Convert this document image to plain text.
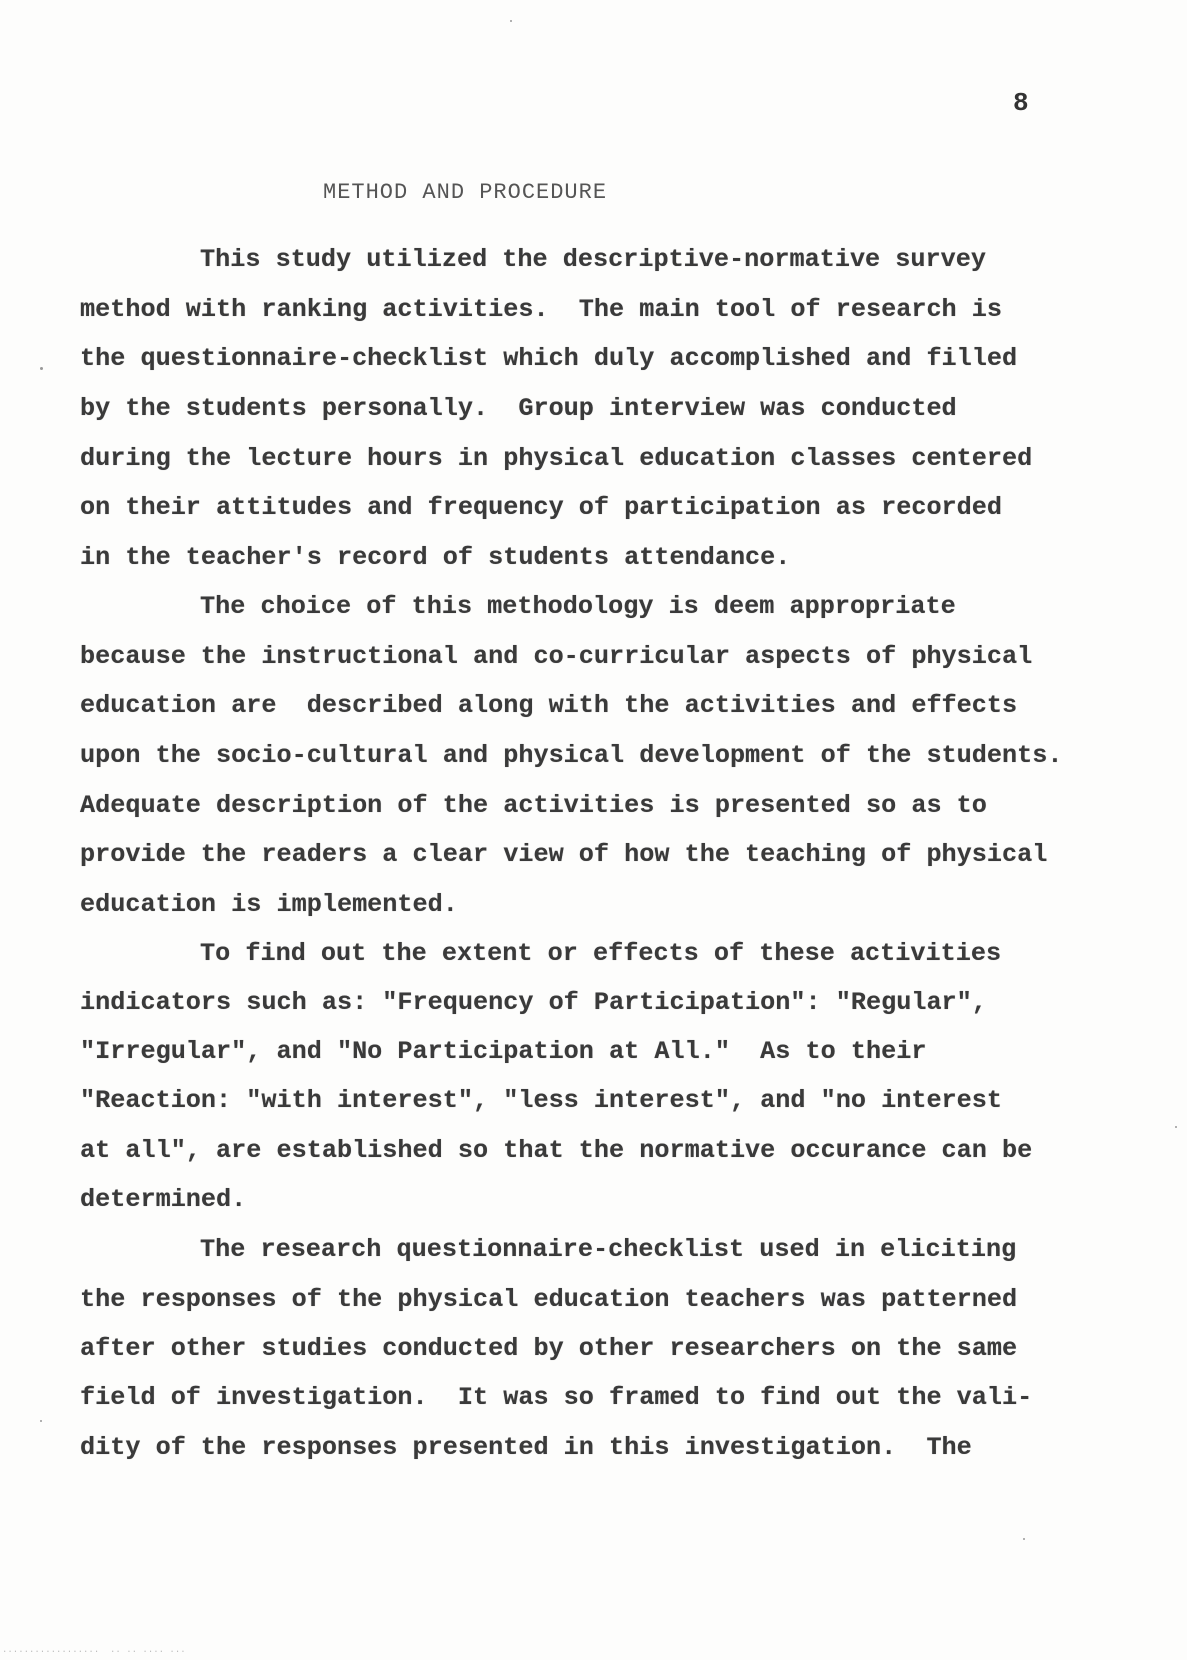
8
METHOD AND PROCEDURE
This study utilized the descriptive-normative survey
method with ranking activities.  The main tool of research is
the questionnaire-checklist which duly accomplished and filled
by the students personally.  Group interview was conducted
during the lecture hours in physical education classes centered
on their attitudes and frequency of participation as recorded
in the teacher's record of students attendance.
The choice of this methodology is deem appropriate
because the instructional and co-curricular aspects of physical
education are  described along with the activities and effects
upon the socio-cultural and physical development of the students.
Adequate description of the activities is presented so as to
provide the readers a clear view of how the teaching of physical
education is implemented.
To find out the extent or effects of these activities
indicators such as: "Frequency of Participation": "Regular",
"Irregular", and "No Participation at All."  As to their
"Reaction: "with interest", "less interest", and "no interest
at all", are established so that the normative occurance can be
determined.
The research questionnaire-checklist used in eliciting
the responses of the physical education teachers was patterned
after other studies conducted by other researchers on the same
field of investigation.  It was so framed to find out the vali-
dity of the responses presented in this investigation.  The
..................  .. .. .... ...
